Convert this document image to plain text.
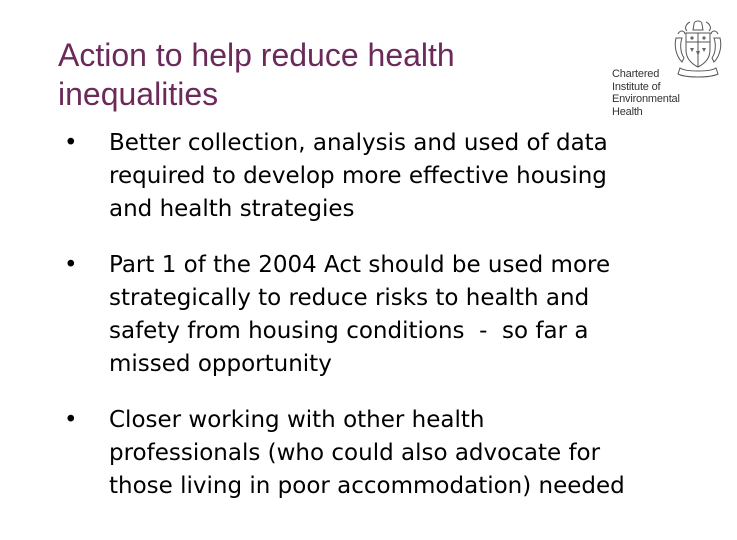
Action to help reduce health
inequalities
Chartered
Institute of
Environmental
Health
• Better collection, analysis and used of data
required to develop more effective housing
and health strategies
• Part 1 of the 2004 Act should be used more
strategically to reduce risks to health and
safety from housing conditions  -  so far a
missed opportunity
• Closer working with other health
professionals (who could also advocate for
those living in poor accommodation) needed
